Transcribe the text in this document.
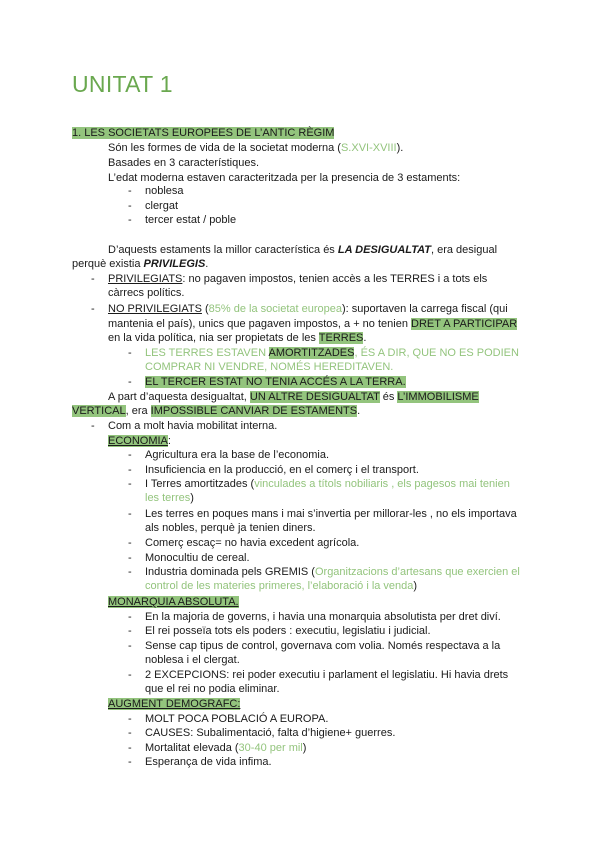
UNITAT 1
1. LES SOCIETATS EUROPEES DE L’ANTIC RÈGIM
Són les formes de vida de la societat moderna (S.XVI-XVIII).
Basades en 3 característiques.
L’edat moderna estaven caracteritzada per la presencia de 3 estaments:
- noblesa
- clergat
- tercer estat / poble
D’aquests estaments la millor característica és LA DESIGUALTAT, era desigual
perquè existia PRIVILEGIS.
- PRIVILEGIATS: no pagaven impostos, tenien accès a les TERRES i a tots els
càrrecs polítics.
- NO PRIVILEGIATS (85% de la societat europea): suportaven la carrega fiscal (qui
mantenia el país), unics que pagaven impostos, a + no tenien DRET A PARTICIPAR
en la vida política, nia ser propietats de les TERRES.
- LES TERRES ESTAVEN AMORTITZADES, ÉS A DIR, QUE NO ES PODIEN
COMPRAR NI VENDRE, NOMÉS HEREDITAVEN.
- EL TERCER ESTAT NO TENIA ACCÉS A LA TERRA.
A part d’aquesta desigualtat, UN ALTRE DESIGUALTAT és L’IMMOBILISME
VERTICAL, era IMPOSSIBLE CANVIAR DE ESTAMENTS.
- Com a molt havia mobilitat interna.
ECONOMIA:
- Agricultura era la base de l’economia.
- Insuficiencia en la producció, en el comerç i el transport.
- I Terres amortitzades (vinculades a títols nobiliaris , els pagesos mai tenien
les terres)
- Les terres en poques mans i mai s’invertia per millorar-les , no els importava
als nobles, perquè ja tenien diners.
- Comerç escaç= no havia excedent agrícola.
- Monocultiu de cereal.
- Industria dominada pels GREMIS (Organitzacions d’artesans que exercien el
control de les materies primeres, l’elaboració i la venda)
MONARQUIA ABSOLUTA.
- En la majoria de governs, i havia una monarquia absolutista per dret diví.
- El rei posseïa tots els poders : executiu, legislatiu i judicial.
- Sense cap tipus de control, governava com volia. Només respectava a la
noblesa i el clergat.
- 2 EXCEPCIONS: rei poder executiu i parlament el legislatiu. Hi havia drets
que el rei no podia eliminar.
AUGMENT DEMOGRAFC:
- MOLT POCA POBLACIÓ A EUROPA.
- CAUSES: Subalimentació, falta d’higiene+ guerres.
- Mortalitat elevada (30-40 per mil)
- Esperança de vida infima.
